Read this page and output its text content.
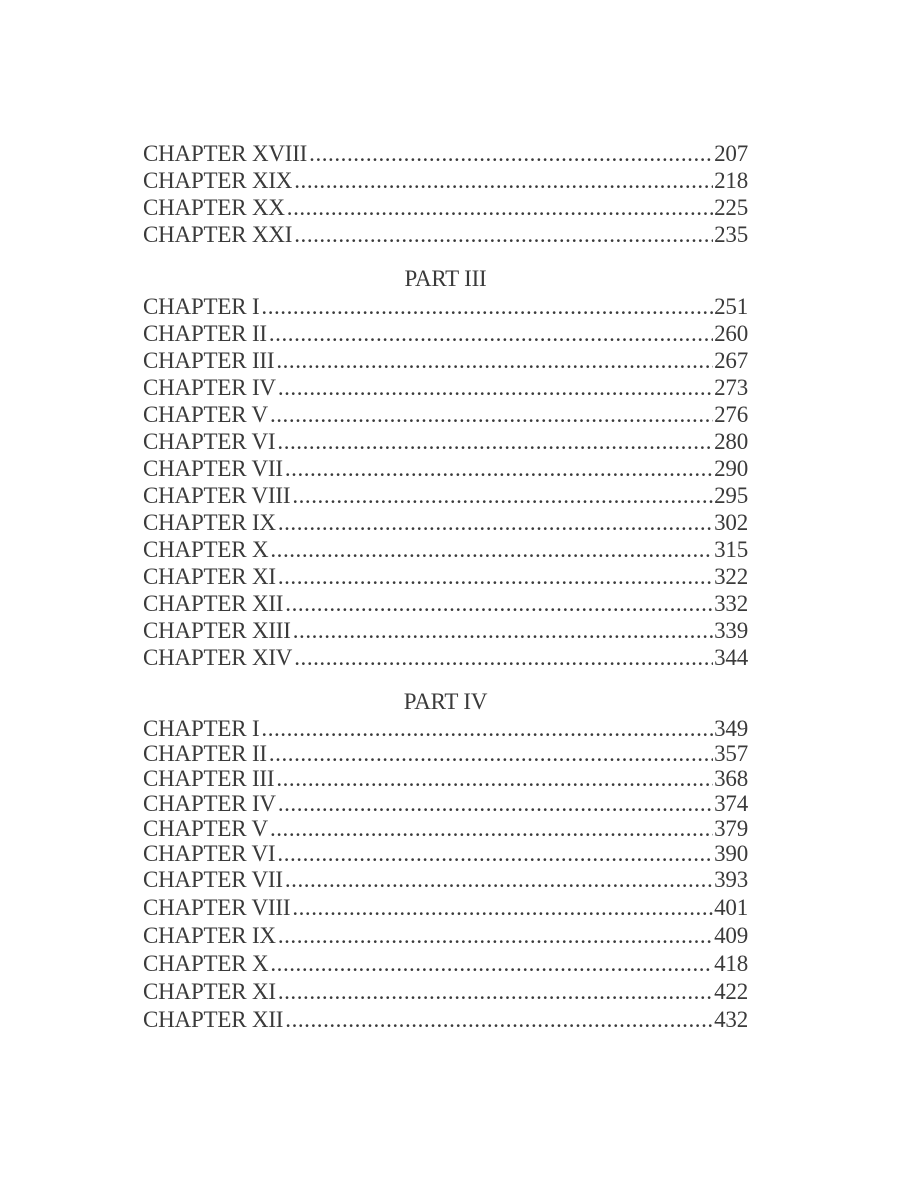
CHAPTER XVIII . . .	207
CHAPTER XIX . . .	218
CHAPTER XX . . .	225
CHAPTER XXI . . .	235
PART III
CHAPTER I . . .	251
CHAPTER II . . .	260
CHAPTER III . . .	267
CHAPTER IV . . .	273
CHAPTER V . . .	276
CHAPTER VI . . .	280
CHAPTER VII . . .	290
CHAPTER VIII . . .	295
CHAPTER IX . . .	302
CHAPTER X . . .	315
CHAPTER XI . . .	322
CHAPTER XII . . .	332
CHAPTER XIII . . .	339
CHAPTER XIV . . .	344
PART IV
CHAPTER I . . .	349
CHAPTER II . . .	357
CHAPTER III . . .	368
CHAPTER IV . . .	374
CHAPTER V . . .	379
CHAPTER VI . . .	390
CHAPTER VII . . .	393
CHAPTER VIII . . .	401
CHAPTER IX . . .	409
CHAPTER X . . .	418
CHAPTER XI . . .	422
CHAPTER XII . . .	432
